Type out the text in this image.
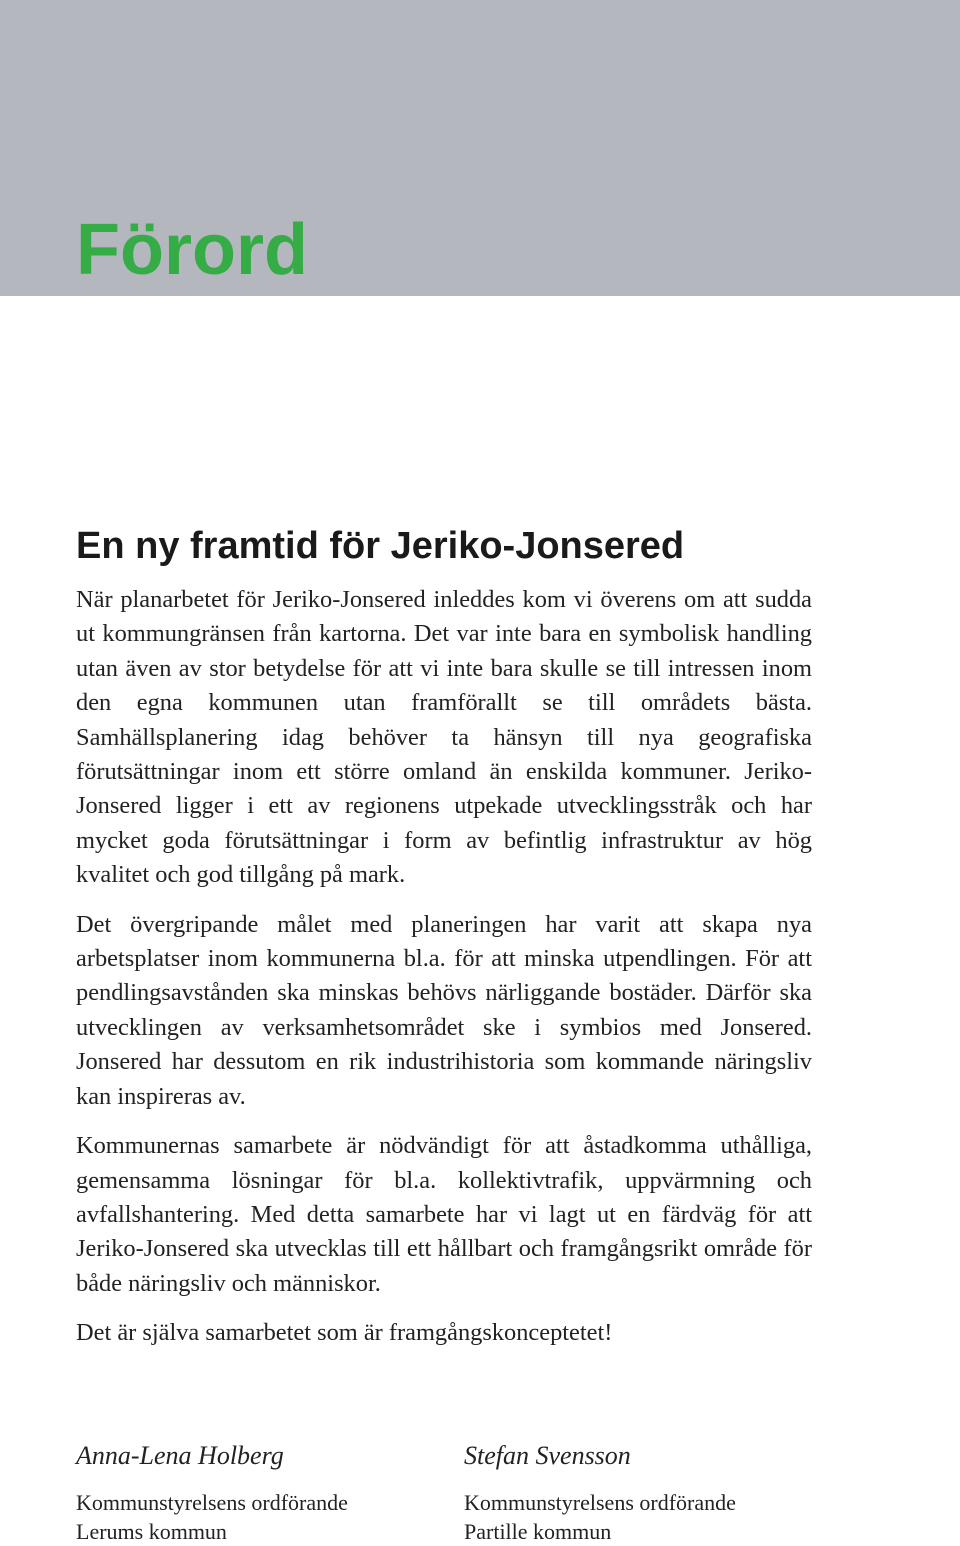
Förord
En ny framtid för Jeriko-Jonsered

När planarbetet för Jeriko-Jonsered inleddes kom vi överens om att sudda ut kommungränsen från kartorna. Det var inte bara en symbolisk handling utan även av stor betydelse för att vi inte bara skulle se till intressen inom den egna kommunen utan framförallt se till områdets bästa. Samhällsplanering idag behöver ta hänsyn till nya geografiska förutsättningar inom ett större omland än enskilda kommuner. Jeriko-Jonsered ligger i ett av regionens utpekade utvecklingsstråk och har mycket goda förutsättningar i form av befintlig infrastruktur av hög kvalitet och god tillgång på mark.

Det övergripande målet med planeringen har varit att skapa nya arbetsplatser inom kommunerna bl.a. för att minska utpendlingen. För att pendlingsavstånden ska minskas behövs närliggande bostäder. Därför ska utvecklingen av verksamhetsområdet ske i symbios med Jonsered. Jonsered har dessutom en rik industrihistoria som kommande näringsliv kan inspireras av.

Kommunernas samarbete är nödvändigt för att åstadkomma uthålliga, gemensamma lösningar för bl.a. kollektivtrafik, uppvärmning och avfallshantering. Med detta samarbete har vi lagt ut en färdväg för att Jeriko-Jonsered ska utvecklas till ett hållbart och framgångsrikt område för både näringsliv och människor.

Det är själva samarbetet som är framgångskonceptetet!

Anna-Lena Holberg
Kommunstyrelsens ordförande
Lerums kommun
Stefan Svensson
Kommunstyrelsens ordförande
Partille kommun
